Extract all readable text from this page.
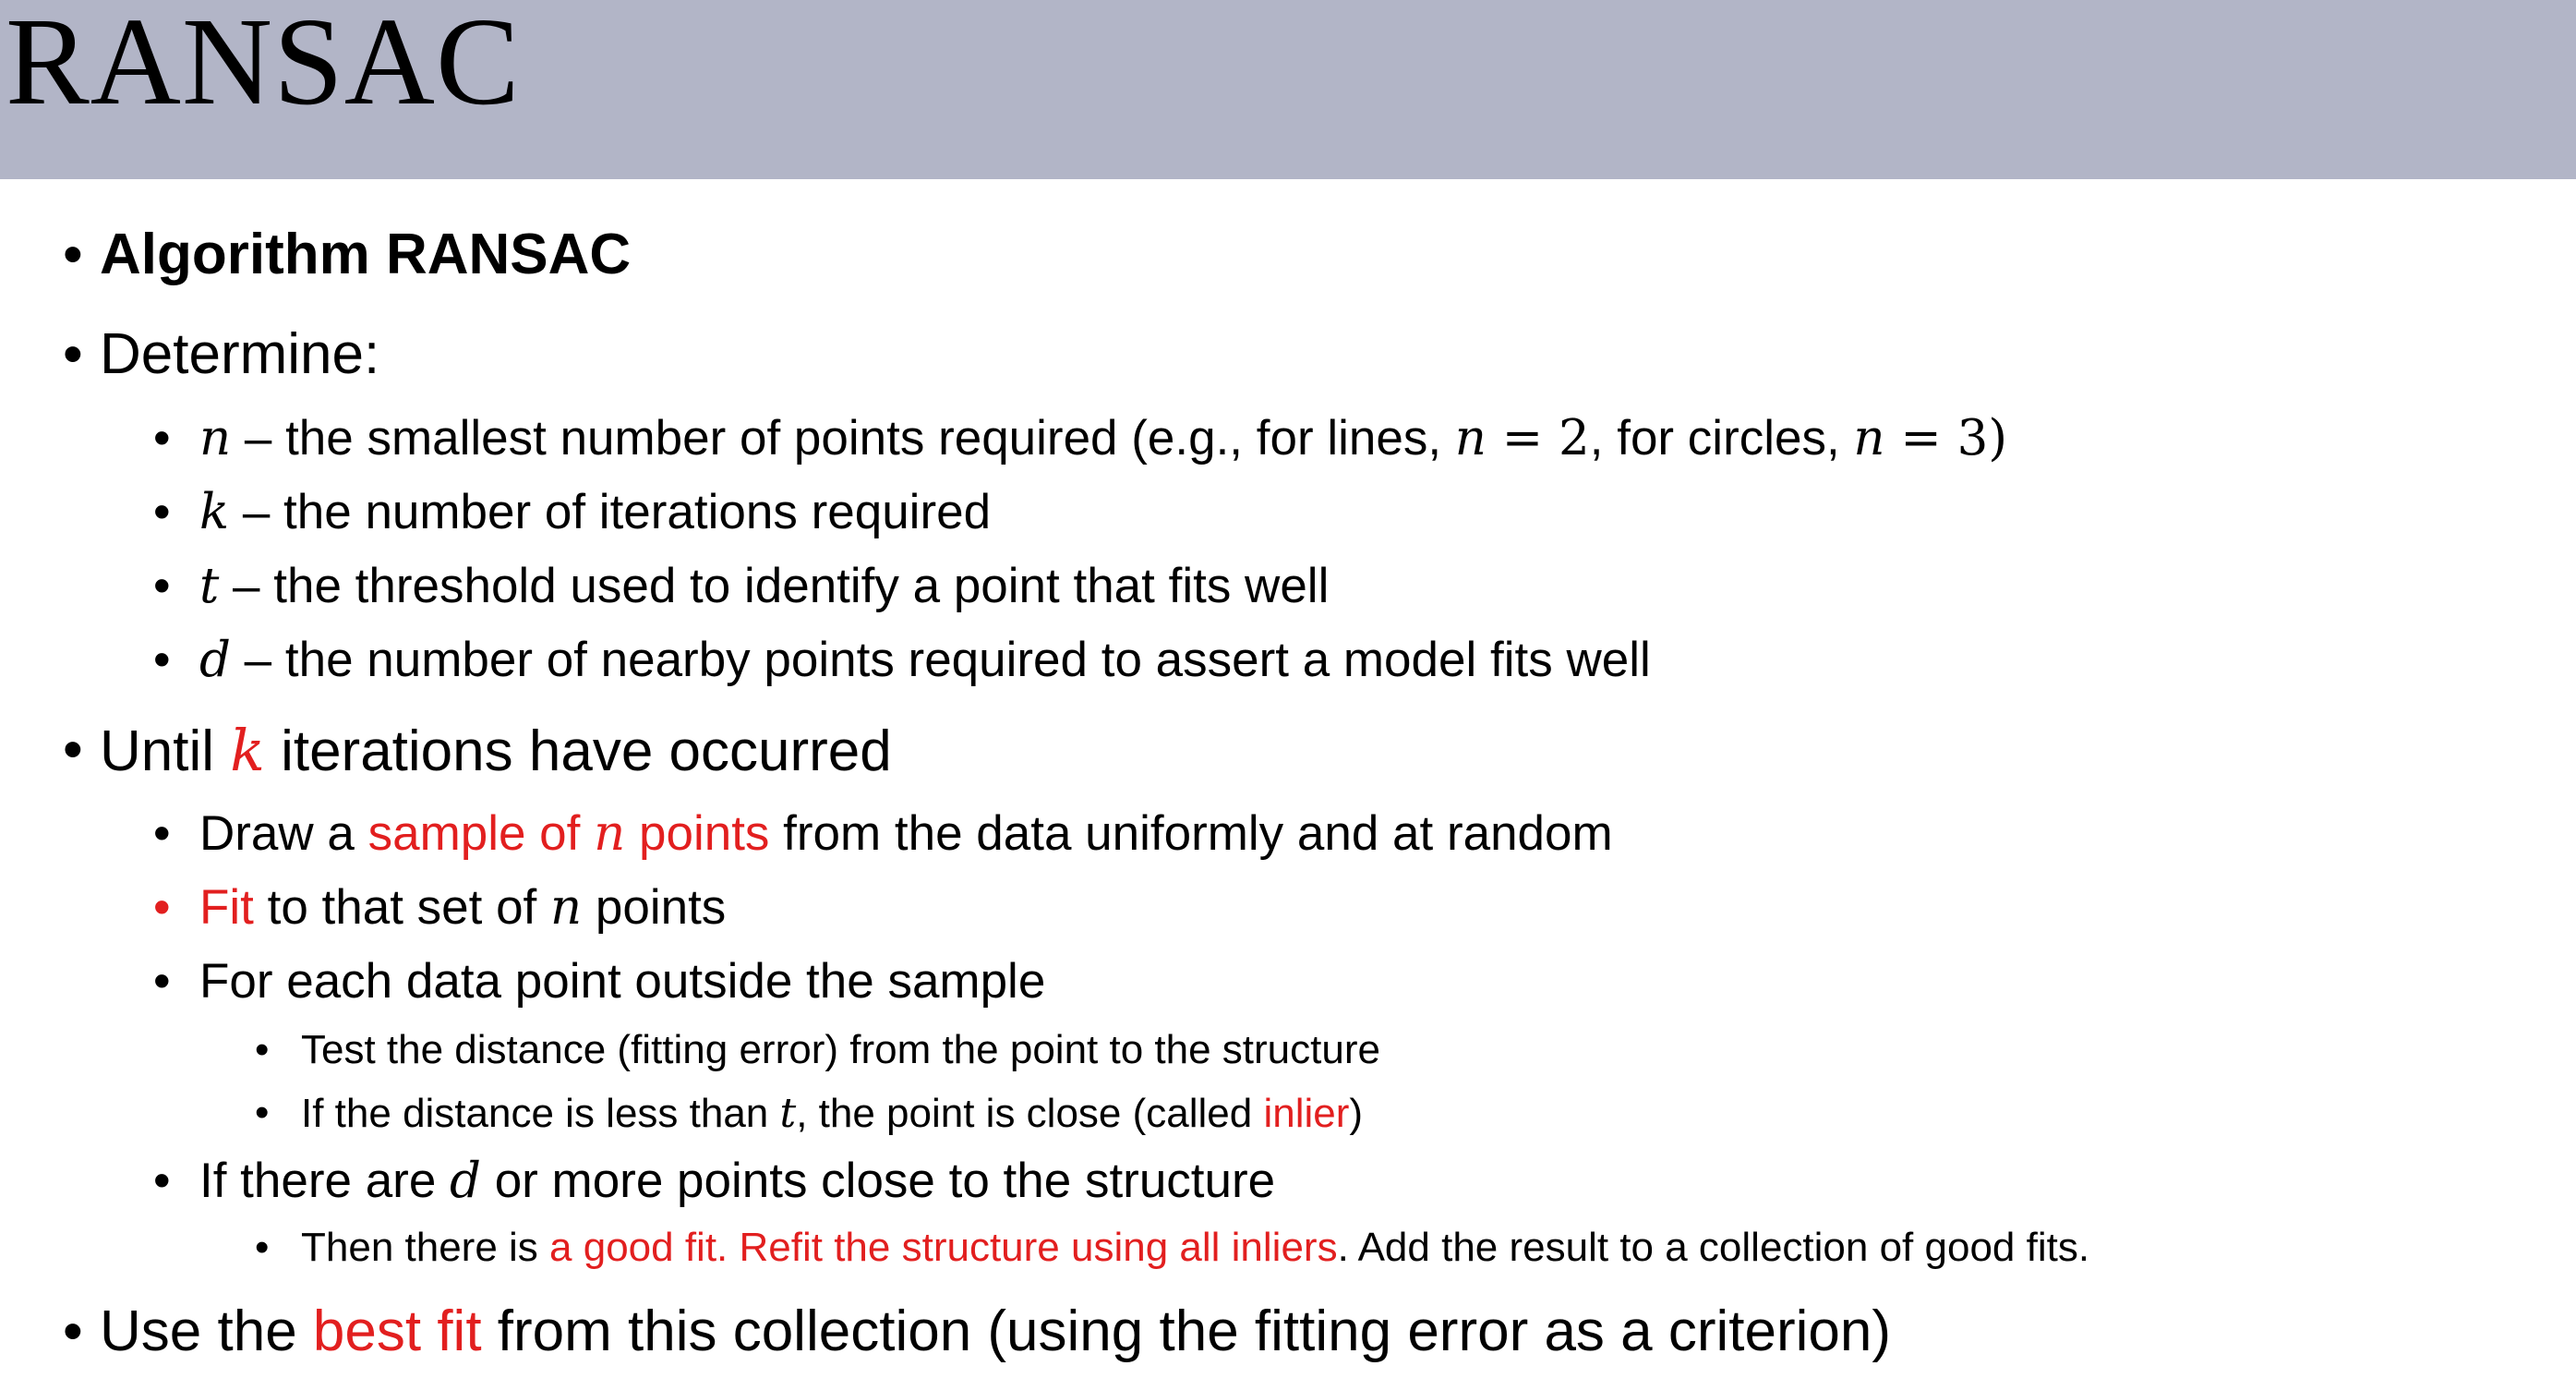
RANSAC
• Algorithm RANSAC
• Determine:
• n – the smallest number of points required (e.g., for lines, n = 2, for circles, n = 3)
• k – the number of iterations required
• t – the threshold used to identify a point that fits well
• d – the number of nearby points required to assert a model fits well
• Until k iterations have occurred
• Draw a sample of n points from the data uniformly and at random
• Fit to that set of n points
• For each data point outside the sample
• Test the distance (fitting error) from the point to the structure
• If the distance is less than t, the point is close (called inlier)
• If there are d or more points close to the structure
• Then there is a good fit. Refit the structure using all inliers. Add the result to a collection of good fits.
• Use the best fit from this collection (using the fitting error as a criterion)
